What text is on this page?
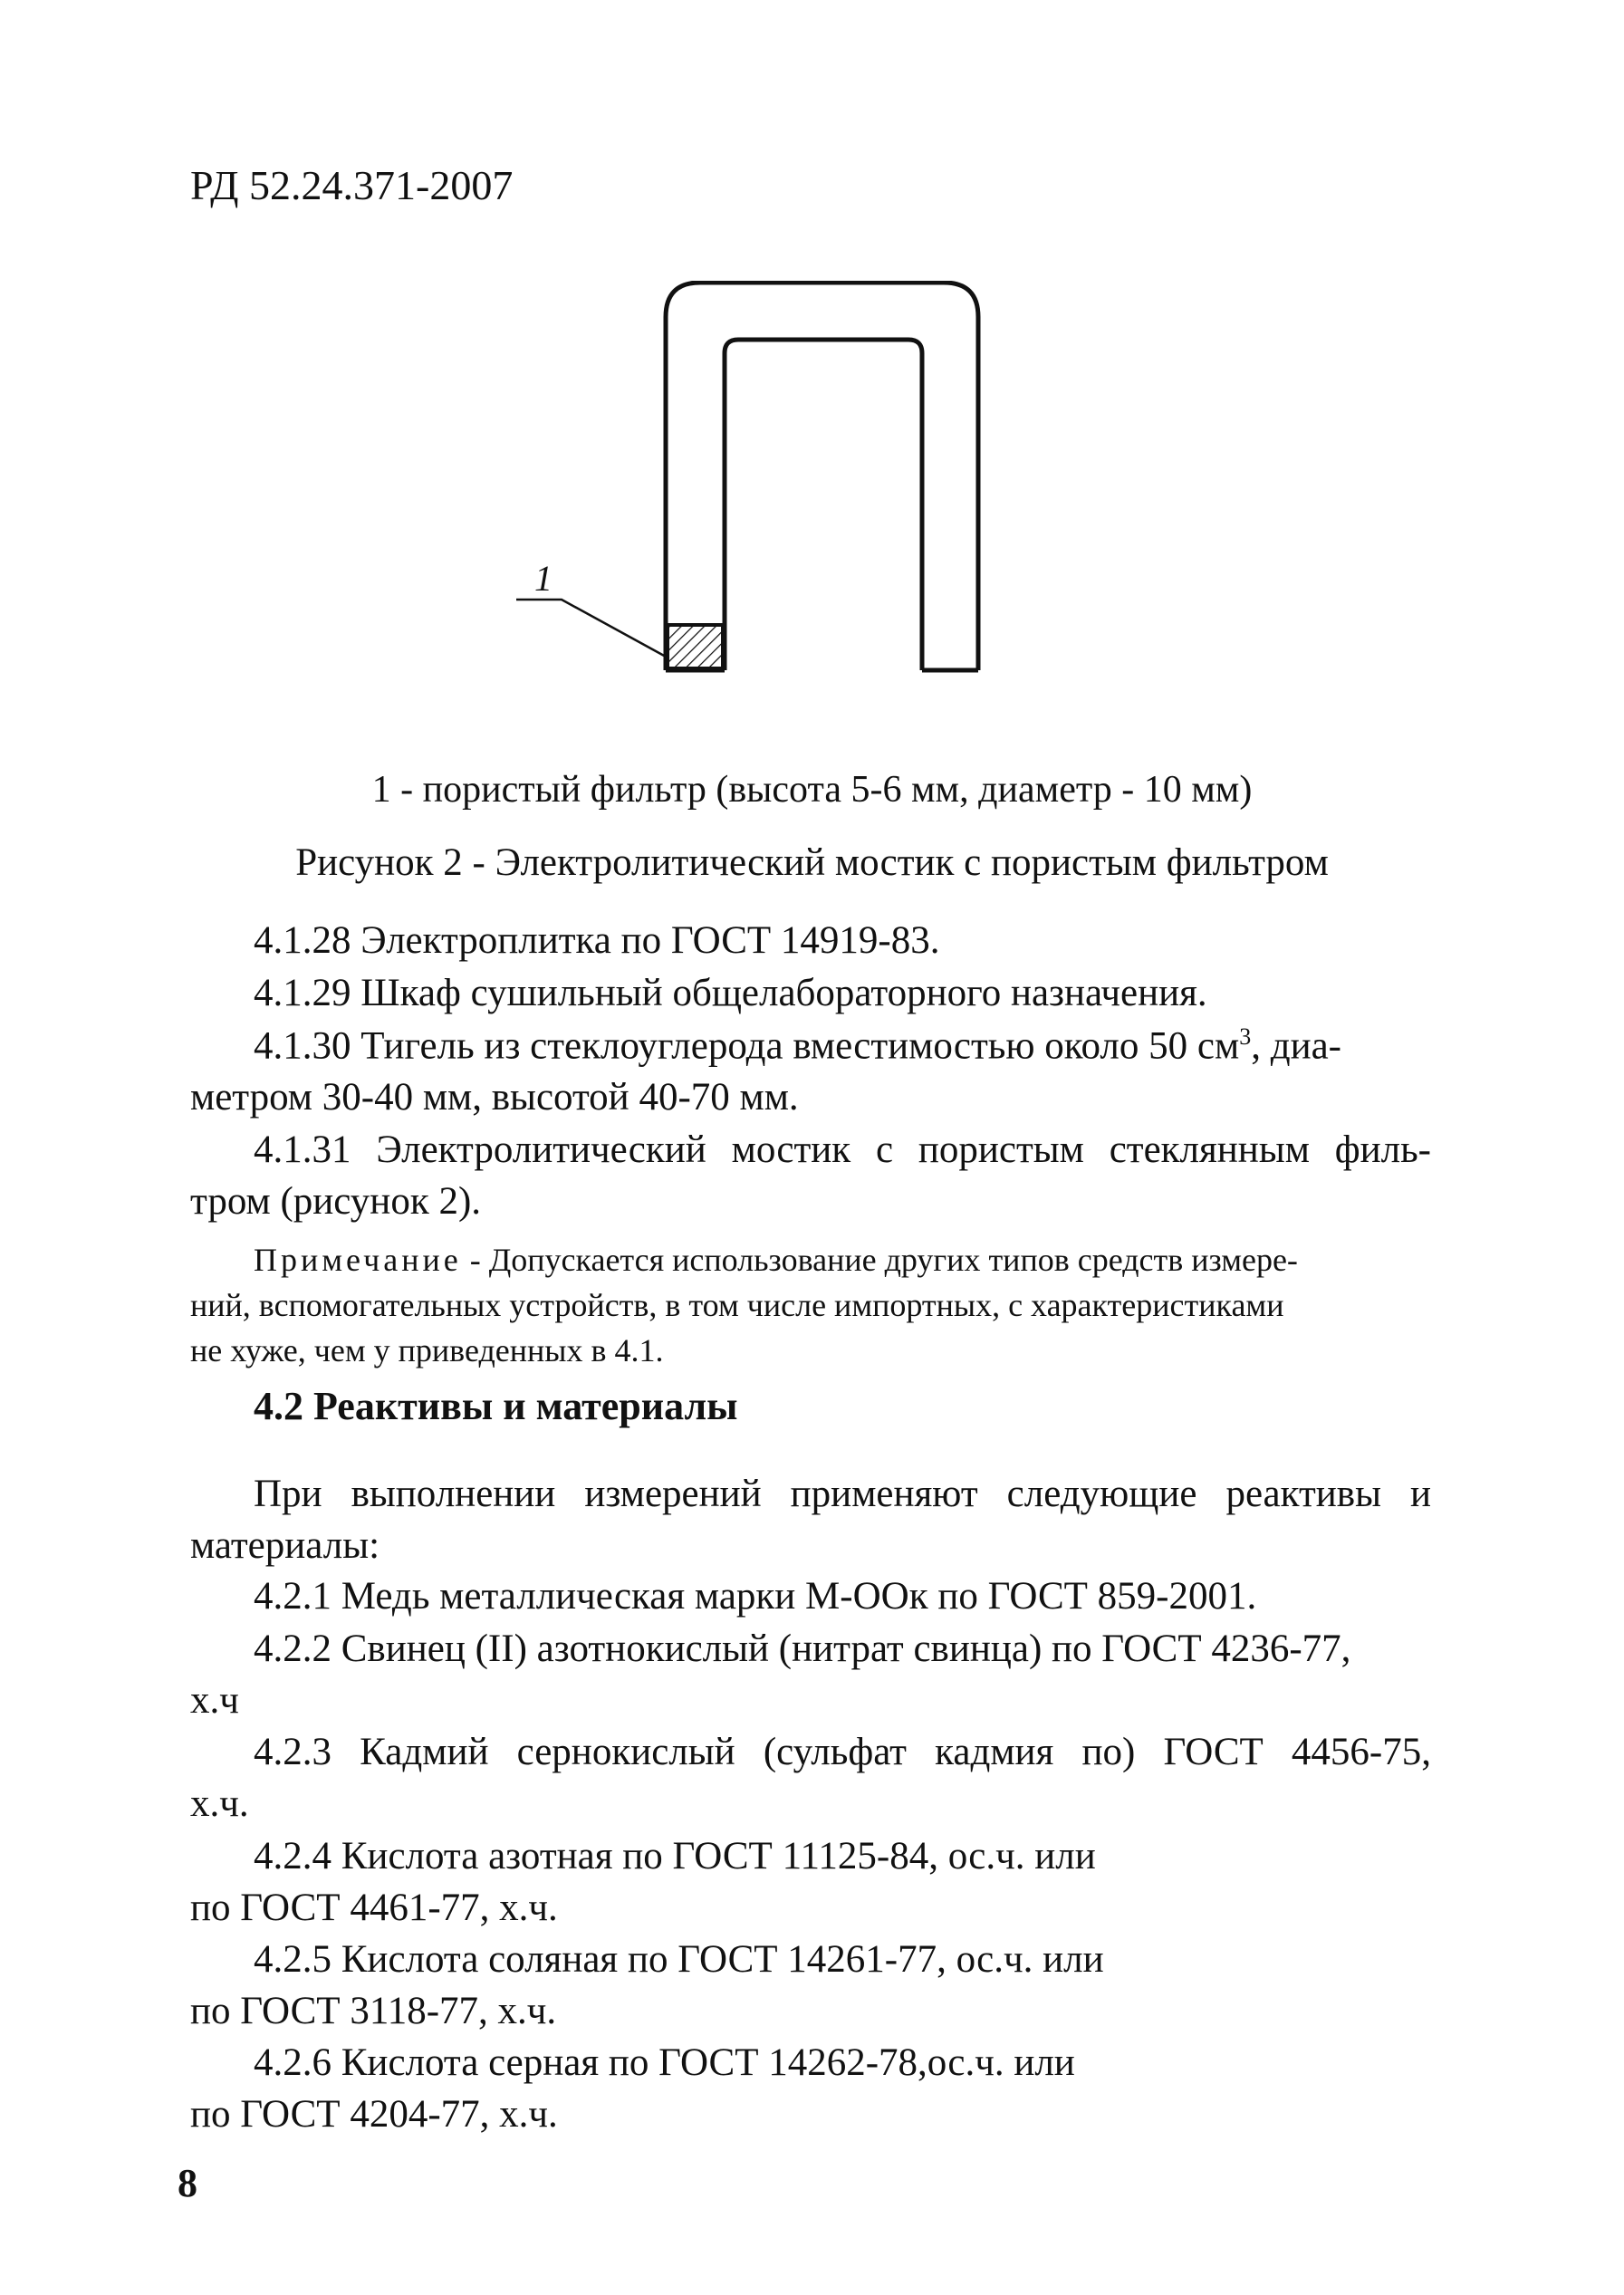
РД 52.24.371-2007
1
1 - пористый фильтр (высота 5-6 мм, диаметр - 10 мм)
Рисунок 2 - Электролитический мостик с пористым фильтром
4.1.28 Электроплитка по ГОСТ 14919-83.
4.1.29 Шкаф сушильный общелабораторного назначения.
4.1.30 Тигель из стеклоуглерода вместимостью около 50 $см^3$, диа-
метром 30-40 мм, высотой 40-70 мм.
4.1.31 Электролитический мостик с пористым стеклянным филь-
тром (рисунок 2).
Примечание - Допускается использование других типов средств измере-
ний, вспомогательных устройств, в том числе импортных, с характеристиками
не хуже, чем у приведенных в 4.1.
4.2 Реактивы и материалы
При выполнении измерений применяют следующие реактивы и
материалы:
4.2.1 Медь металлическая марки М-ООк по ГОСТ 859-2001.
4.2.2 Свинец (II) азотнокислый (нитрат свинца) по ГОСТ 4236-77,
х.ч
4.2.3 Кадмий сернокислый (сульфат кадмия по) ГОСТ 4456-75,
х.ч.
4.2.4 Кислота азотная по ГОСТ 11125-84, ос.ч. или
по ГОСТ 4461-77, х.ч.
4.2.5 Кислота соляная по ГОСТ 14261-77, ос.ч. или
по ГОСТ 3118-77, х.ч.
4.2.6 Кислота серная по ГОСТ 14262-78,ос.ч. или
по ГОСТ 4204-77, х.ч.
8
